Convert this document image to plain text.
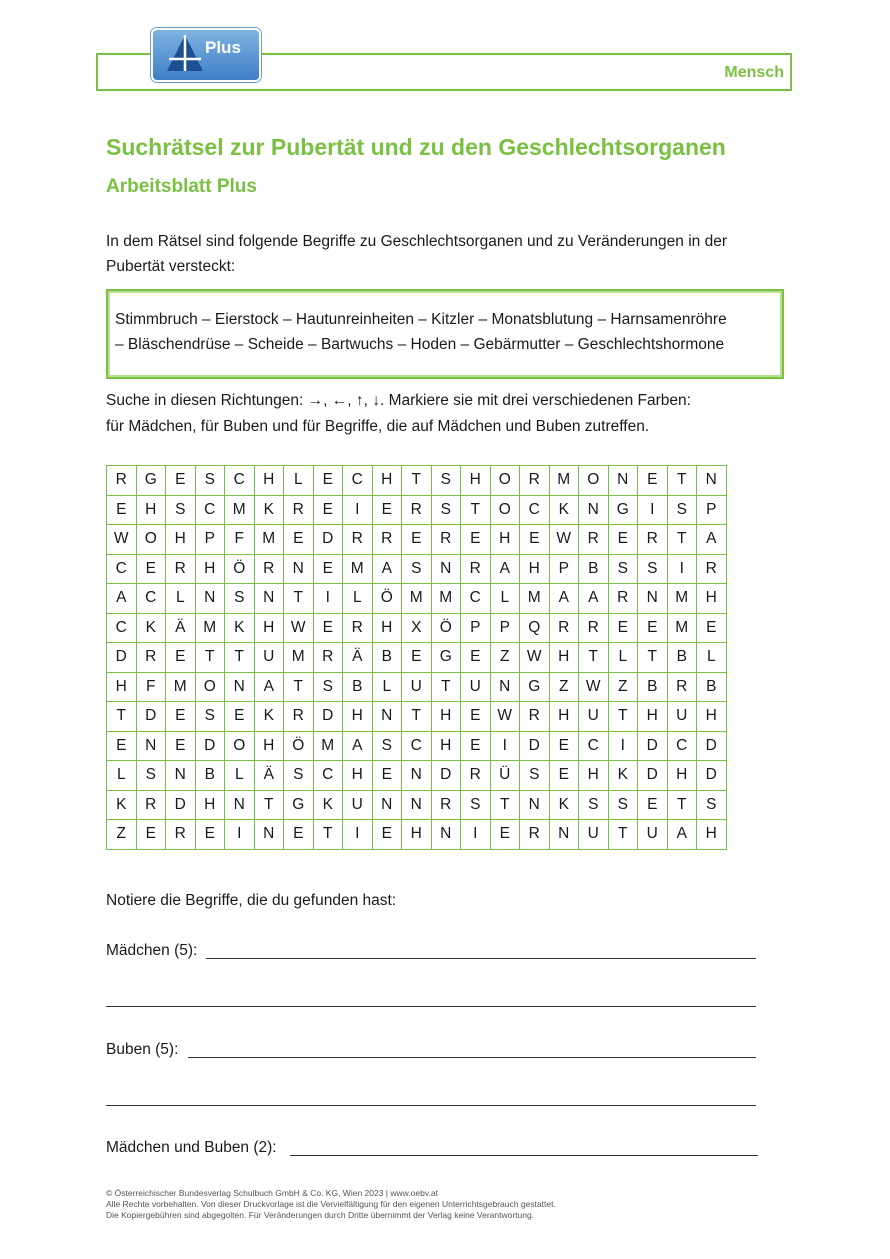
Plus
Mensch
Suchrätsel zur Pubertät und zu den Geschlechtsorganen
Arbeitsblatt Plus
In dem Rätsel sind folgende Begriffe zu Geschlechtsorganen und zu Veränderungen in der
Pubertät versteckt:
Stimmbruch – Eierstock – Hautunreinheiten – Kitzler – Monatsblutung – Harnsamenröhre
– Bläschendrüse – Scheide – Bartwuchs – Hoden – Gebärmutter – Geschlechtshormone
Suche in diesen Richtungen: →, ←, ↑, ↓. Markiere sie mit drei verschiedenen Farben:
für Mädchen, für Buben und für Begriffe, die auf Mädchen und Buben zutreffen.
R	G	E	S	C	H	L	E	C	H	T	S	H	O	R	M	O	N	E	T	N
E	H	S	C	M	K	R	E	I	E	R	S	T	O	C	K	N	G	I	S	P
W	O	H	P	F	M	E	D	R	R	E	R	E	H	E	W	R	E	R	T	A
C	E	R	H	Ö	R	N	E	M	A	S	N	R	A	H	P	B	S	S	I	R
A	C	L	N	S	N	T	I	L	Ö	M	M	C	L	M	A	A	R	N	M	H
C	K	Ä	M	K	H	W	E	R	H	X	Ö	P	P	Q	R	R	E	E	M	E
D	R	E	T	T	U	M	R	Ä	B	E	G	E	Z	W	H	T	L	T	B	L
H	F	M	O	N	A	T	S	B	L	U	T	U	N	G	Z	W	Z	B	R	B
T	D	E	S	E	K	R	D	H	N	T	H	E	W	R	H	U	T	H	U	H
E	N	E	D	O	H	Ö	M	A	S	C	H	E	I	D	E	C	I	D	C	D
L	S	N	B	L	Ä	S	C	H	E	N	D	R	Ü	S	E	H	K	D	H	D
K	R	D	H	N	T	G	K	U	N	N	R	S	T	N	K	S	S	E	T	S
Z	E	R	E	I	N	E	T	I	E	H	N	I	E	R	N	U	T	U	A	H
Notiere die Begriffe, die du gefunden hast:
Mädchen (5):
Buben (5):
Mädchen und Buben (2):
© Österreichischer Bundesverlag Schulbuch GmbH & Co. KG, Wien 2023 | www.oebv.at
Alle Rechte vorbehalten. Von dieser Druckvorlage ist die Vervielfältigung für den eigenen Unterrichtsgebrauch gestattet.
Die Kopiergebühren sind abgegolten. Für Veränderungen durch Dritte übernimmt der Verlag keine Verantwortung.
